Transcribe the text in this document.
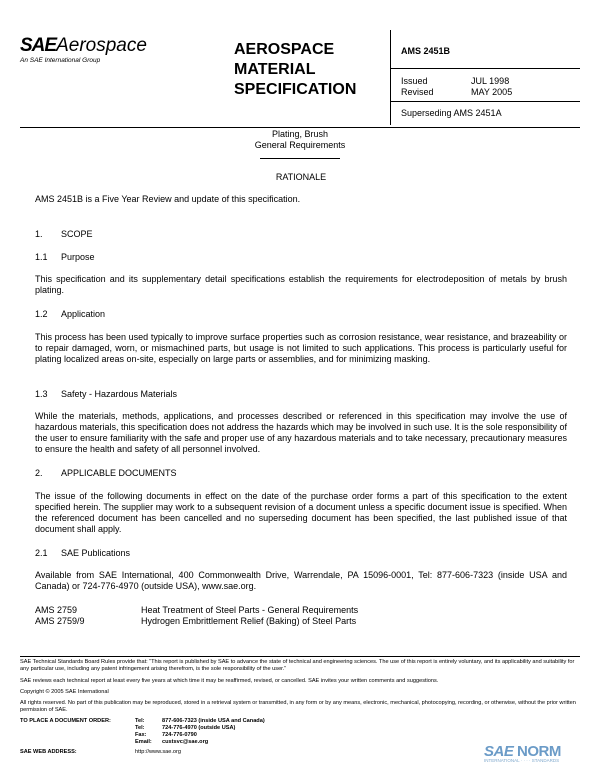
SAEAerospace
An SAE International Group
AEROSPACE
MATERIAL
SPECIFICATION
AMS 2451B
Issued	JUL 1998
Revised	MAY 2005
Superseding AMS 2451A
Plating, Brush
General Requirements
RATIONALE
AMS 2451B is a Five Year Review and update of this specification.
1. SCOPE
1.1 Purpose
This specification and its supplementary detail specifications establish the requirements for electrodeposition of metals by brush plating.
1.2 Application
This process has been used typically to improve surface properties such as corrosion resistance, wear resistance, and brazeability or to repair damaged, worn, or mismachined parts, but usage is not limited to such applications. This process is particularly useful for plating localized areas on-site, especially on large parts or assemblies, and for minimizing masking.
1.3 Safety - Hazardous Materials
While the materials, methods, applications, and processes described or referenced in this specification may involve the use of hazardous materials, this specification does not address the hazards which may be involved in such use. It is the sole responsibility of the user to ensure familiarity with the safe and proper use of any hazardous materials and to take necessary, precautionary measures to ensure the health and safety of all personnel involved.
2. APPLICABLE DOCUMENTS
The issue of the following documents in effect on the date of the purchase order forms a part of this specification to the extent specified herein. The supplier may work to a subsequent revision of a document unless a specific document issue is specified. When the referenced document has been cancelled and no superseding document has been specified, the last published issue of that document shall apply.
2.1 SAE Publications
Available from SAE International, 400 Commonwealth Drive, Warrendale, PA 15096-0001, Tel: 877-606-7323 (inside USA and Canada) or 724-776-4970 (outside USA), www.sae.org.
AMS 2759	Heat Treatment of Steel Parts - General Requirements
AMS 2759/9	Hydrogen Embrittlement Relief (Baking) of Steel Parts
SAE Technical Standards Board Rules provide that: “This report is published by SAE to advance the state of technical and engineering sciences. The use of this report is entirely voluntary, and its applicability and suitability for any particular use, including any patent infringement arising therefrom, is the sole responsibility of the user.”
SAE reviews each technical report at least every five years at which time it may be reaffirmed, revised, or cancelled. SAE invites your written comments and suggestions.
Copyright © 2005 SAE International
All rights reserved. No part of this publication may be reproduced, stored in a retrieval system or transmitted, in any form or by any means, electronic, mechanical, photocopying, recording, or otherwise, without the prior written permission of SAE.
TO PLACE A DOCUMENT ORDER:	Tel:	877-606-7323 (inside USA and Canada)
Tel:	724-776-4970 (outside USA)
Fax:	724-776-0790
Email:	custsvc@sae.org
SAE WEB ADDRESS:	http://www.sae.org	SAE NORM
INTERNATIONAL · · · · STANDARDS
